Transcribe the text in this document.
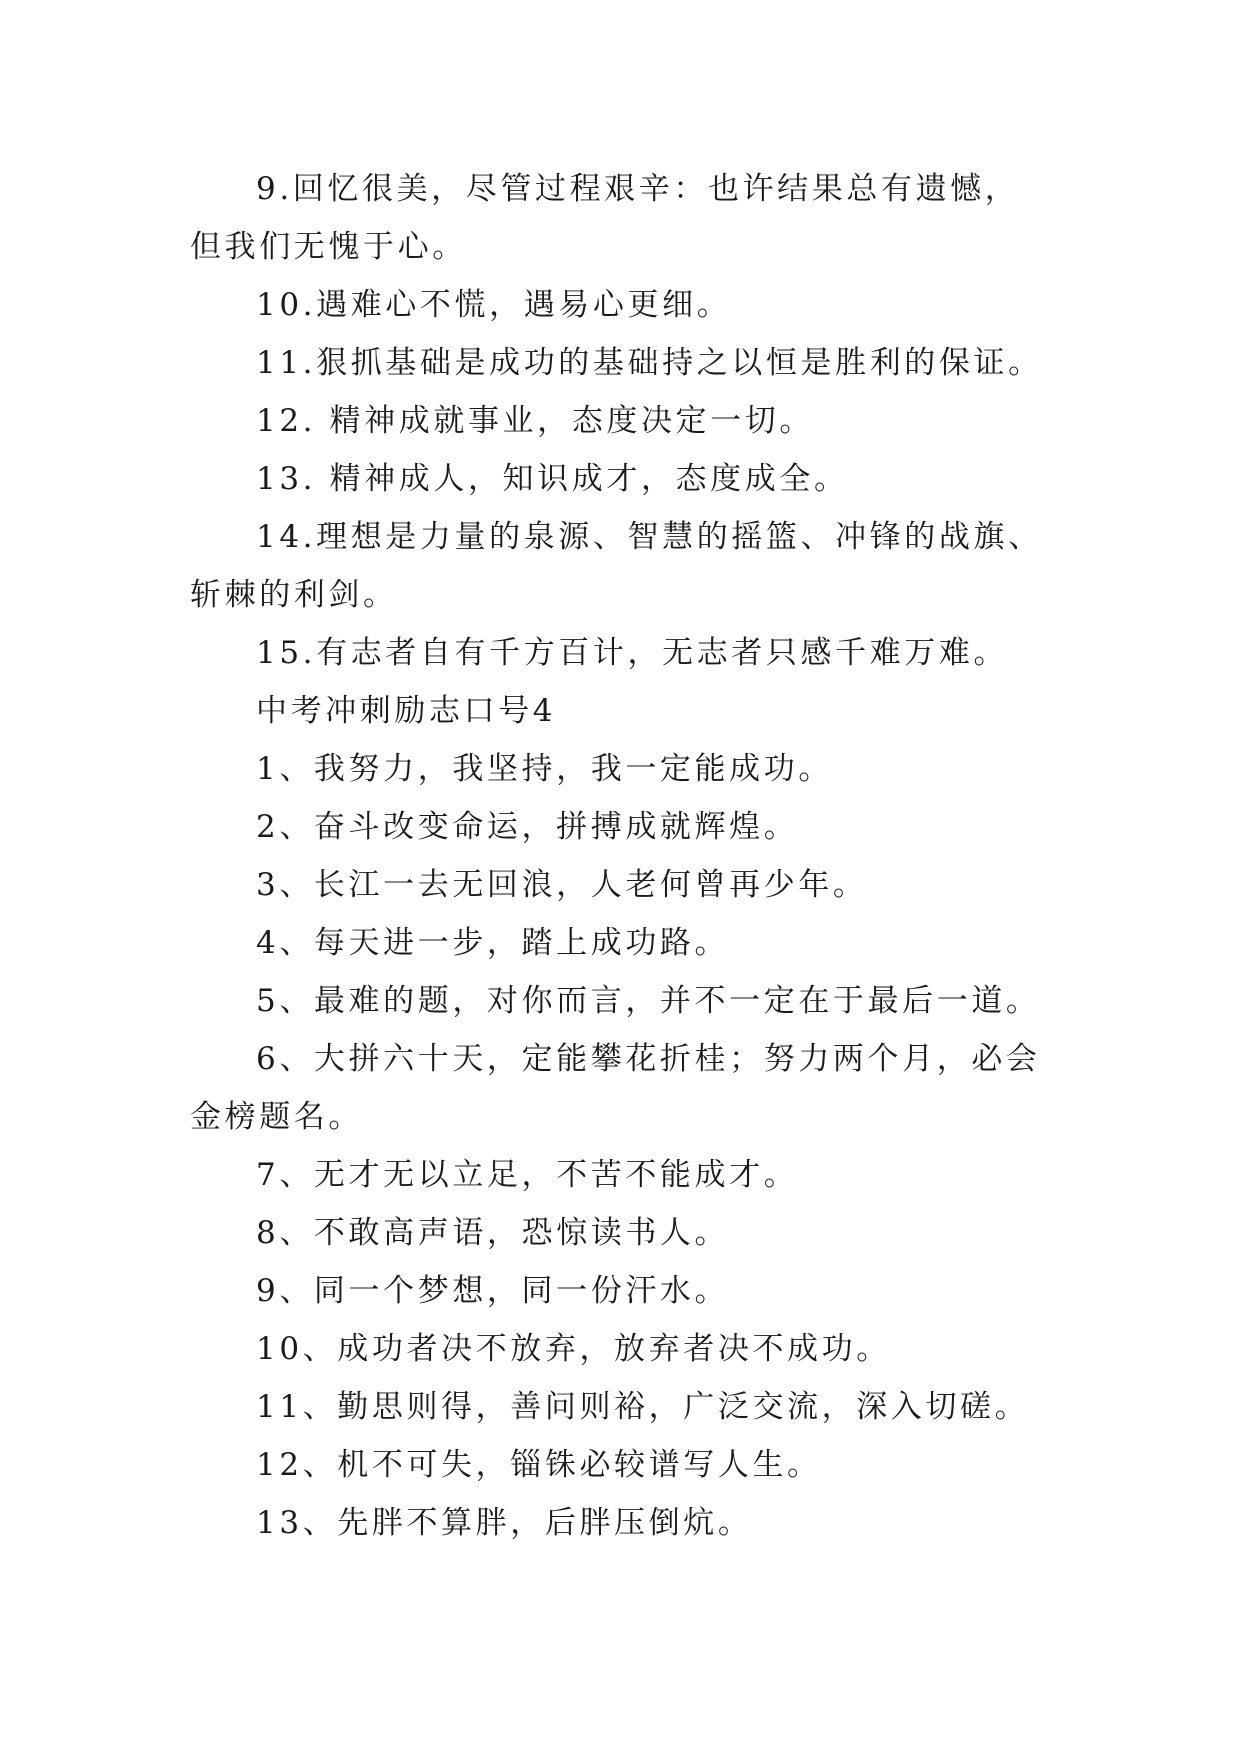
9.回忆很美，尽管过程艰辛：也许结果总有遗憾，但我们无愧于心。

10.遇难心不慌，遇易心更细。

11.狠抓基础是成功的基础持之以恒是胜利的保证。

12. 精神成就事业，态度决定一切。

13. 精神成人，知识成才，态度成全。

14.理想是力量的泉源、智慧的摇篮、冲锋的战旗、斩棘的利剑。

15.有志者自有千方百计，无志者只感千难万难。

中考冲刺励志口号4

1、我努力，我坚持，我一定能成功。

2、奋斗改变命运，拼搏成就辉煌。

3、长江一去无回浪，人老何曾再少年。

4、每天进一步，踏上成功路。

5、最难的题，对你而言，并不一定在于最后一道。

6、大拼六十天，定能攀花折桂；努力两个月，必会金榜题名。

7、无才无以立足，不苦不能成才。

8、不敢高声语，恐惊读书人。

9、同一个梦想，同一份汗水。

10、成功者决不放弃，放弃者决不成功。

11、勤思则得，善问则裕，广泛交流，深入切磋。

12、机不可失，锱铢必较谱写人生。

13、先胖不算胖，后胖压倒炕。
